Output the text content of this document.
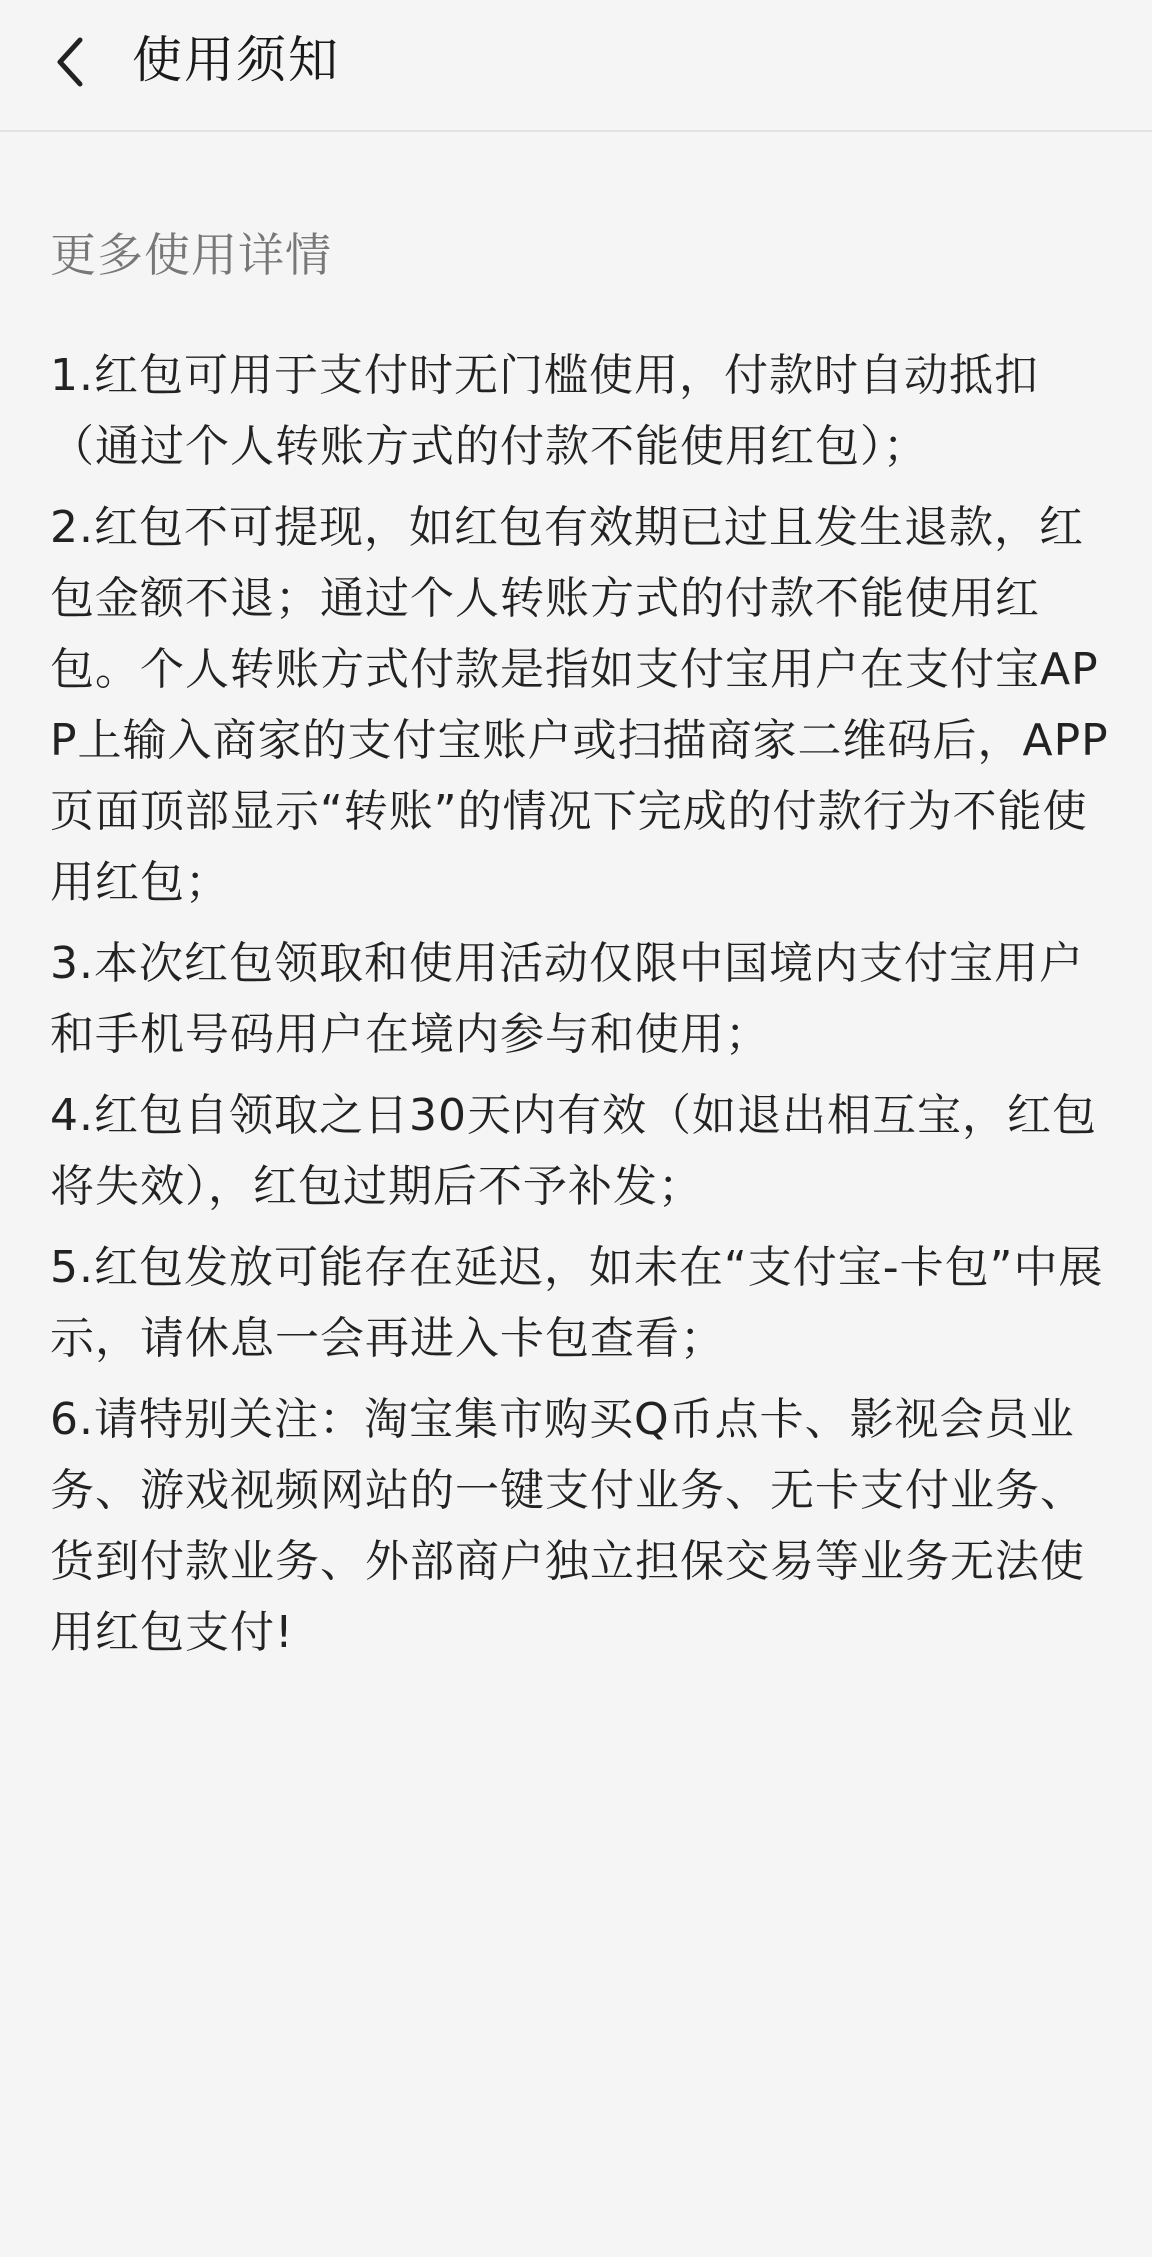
使用须知
更多使用详情
1.红包可用于支付时无门槛使用，付款时自动抵扣（通过个人转账方式的付款不能使用红包）；
2.红包不可提现，如红包有效期已过且发生退款，红包金额不退；通过个人转账方式的付款不能使用红包。个人转账方式付款是指如支付宝用户在支付宝APP上输入商家的支付宝账户或扫描商家二维码后，APP页面顶部显示“转账”的情况下完成的付款行为不能使用红包；
3.本次红包领取和使用活动仅限中国境内支付宝用户和手机号码用户在境内参与和使用；
4.红包自领取之日30天内有效（如退出相互宝，红包将失效），红包过期后不予补发；
5.红包发放可能存在延迟，如未在“支付宝-卡包”中展示，请休息一会再进入卡包查看；
6.请特别关注：淘宝集市购买Q币点卡、影视会员业务、游戏视频网站的一键支付业务、无卡支付业务、货到付款业务、外部商户独立担保交易等业务无法使用红包支付!
